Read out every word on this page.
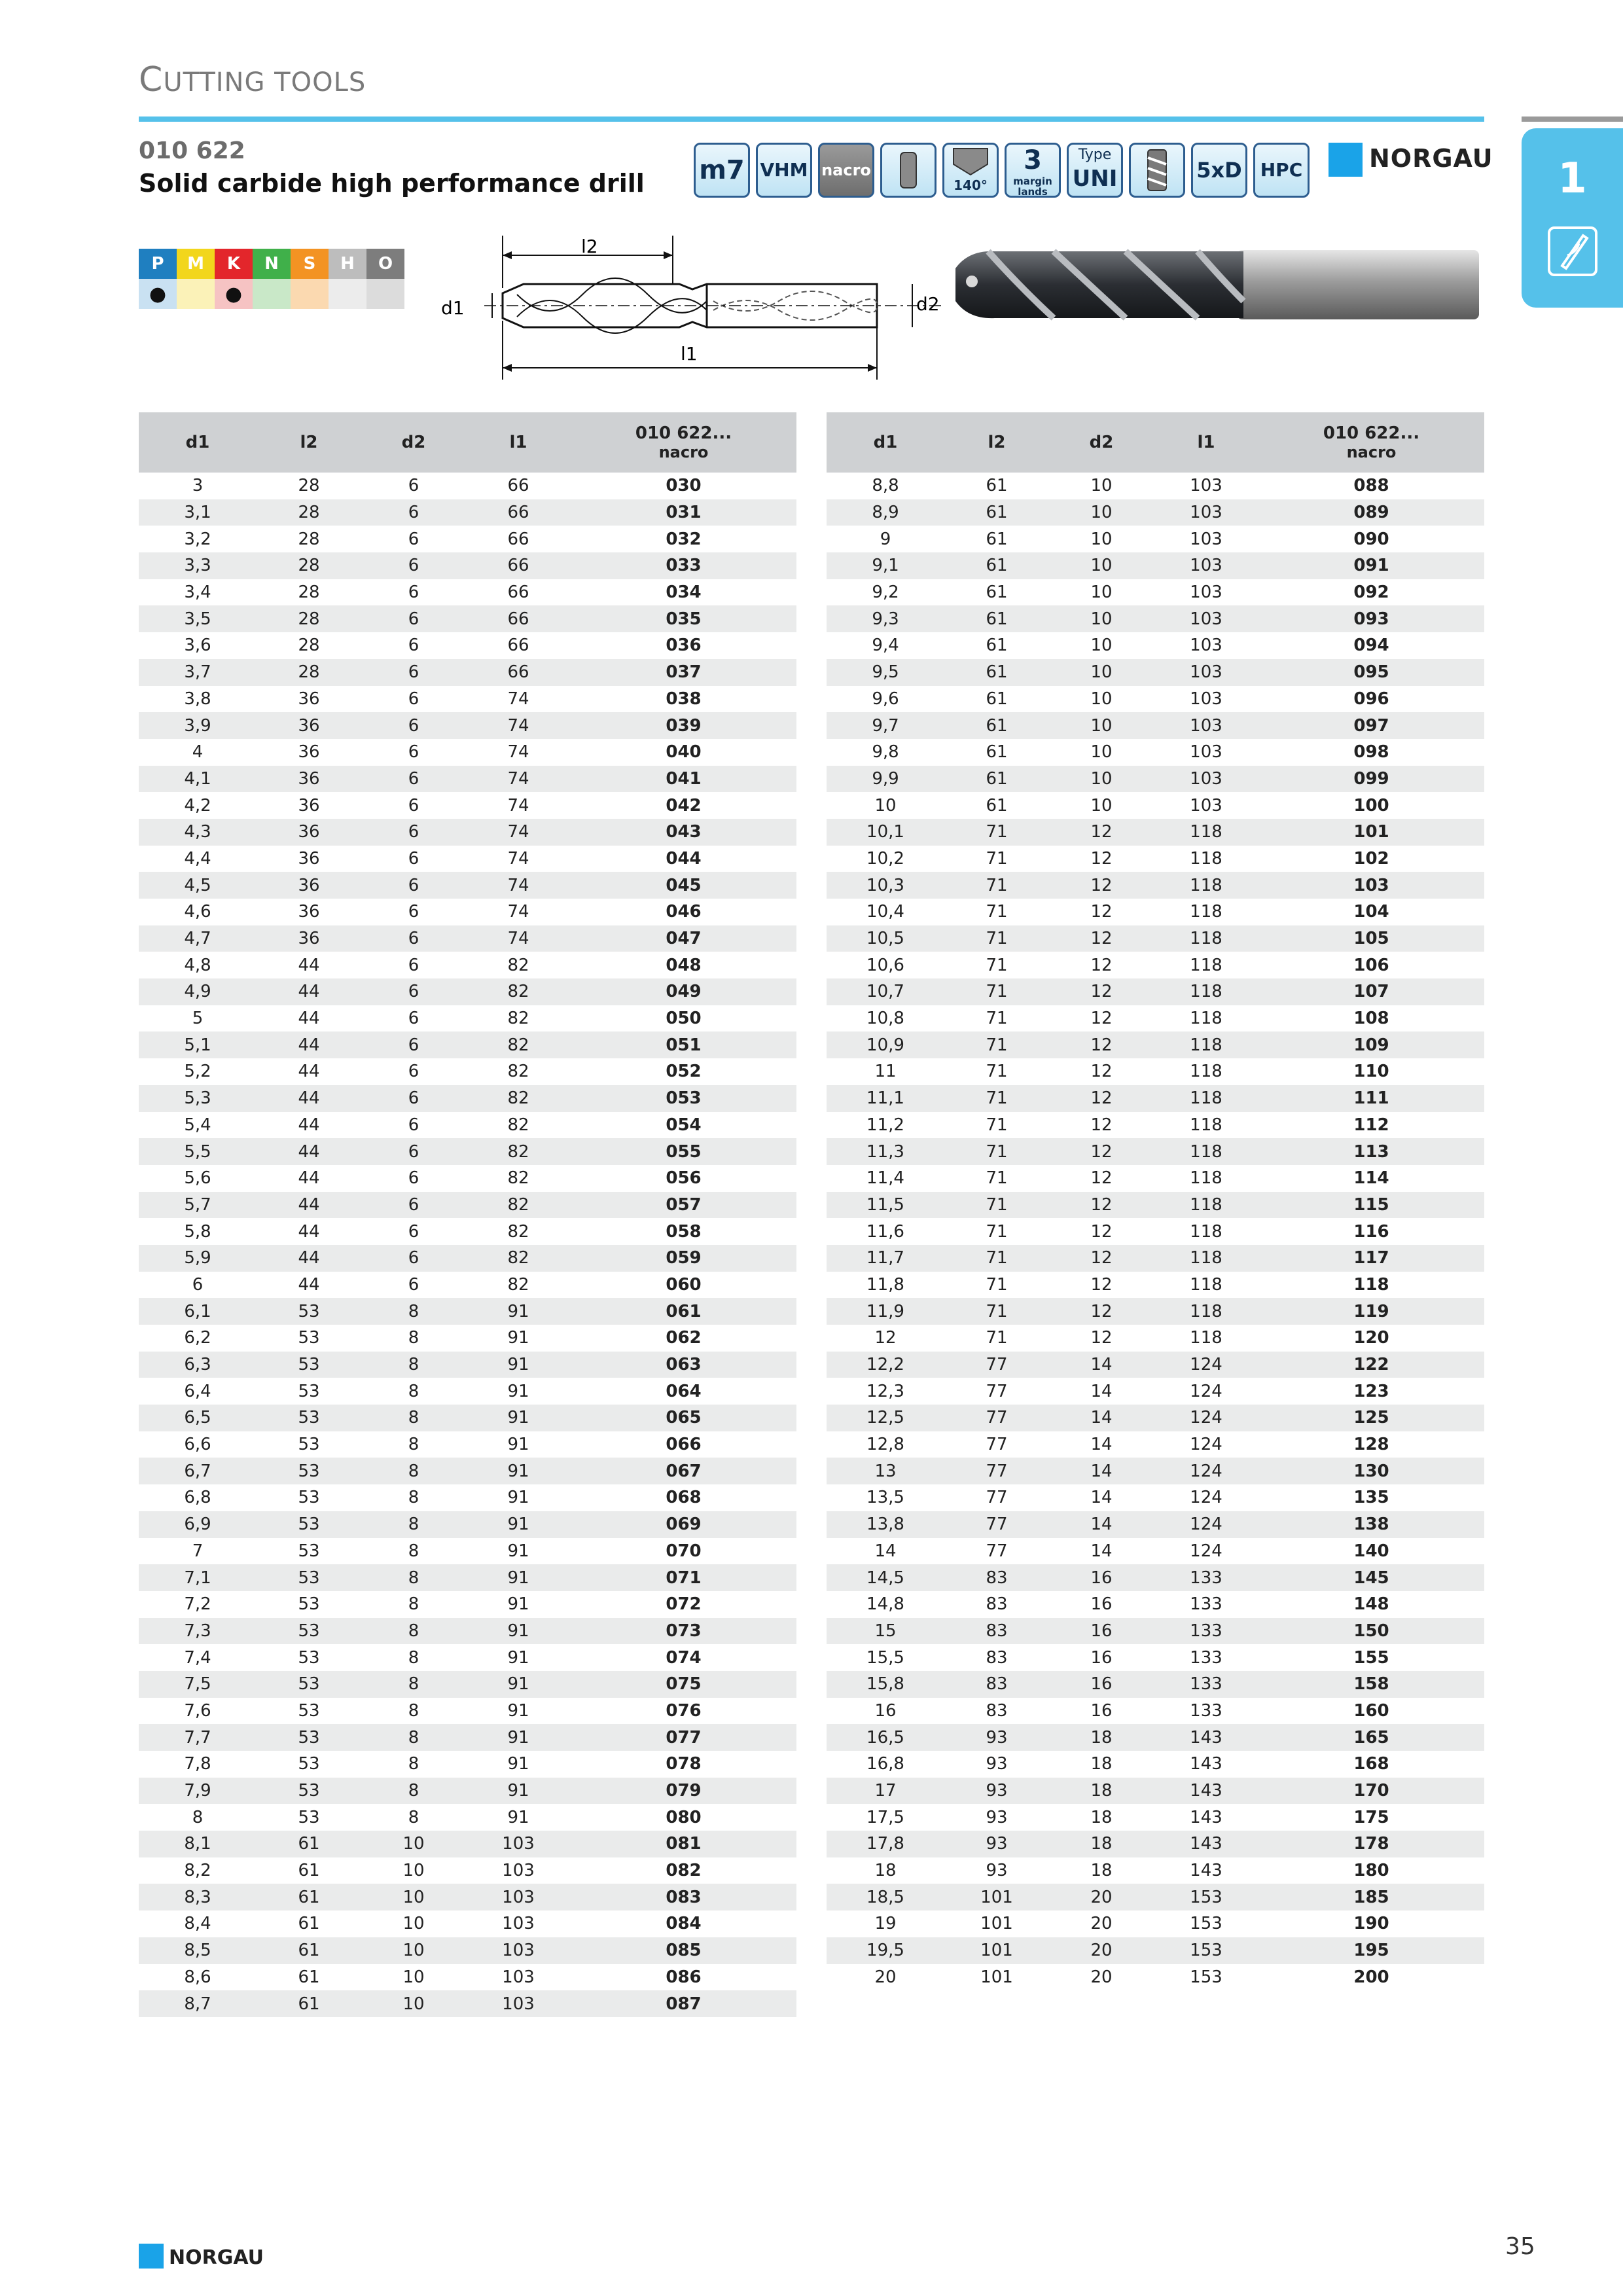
CUTTING TOOLS
1
010 622
Solid carbide high performance drill m7 VHM nacro
140°
3
margin lands
Type
UNI	5xD	HPC	NORGAU
P	M	K	N	S	H	O
●		●				
l2
d1	d2
l1
d1	l2	d2	l1	010 622...
nacro

3	28	6	66	030
3,1	28	6	66	031
3,2	28	6	66	032
3,3	28	6	66	033
3,4	28	6	66	034
3,5	28	6	66	035
3,6	28	6	66	036
3,7	28	6	66	037
3,8	36	6	74	038
3,9	36	6	74	039
4	36	6	74	040
4,1	36	6	74	041
4,2	36	6	74	042
4,3	36	6	74	043
4,4	36	6	74	044
4,5	36	6	74	045
4,6	36	6	74	046
4,7	36	6	74	047
4,8	44	6	82	048
4,9	44	6	82	049
5	44	6	82	050
5,1	44	6	82	051
5,2	44	6	82	052
5,3	44	6	82	053
5,4	44	6	82	054
5,5	44	6	82	055
5,6	44	6	82	056
5,7	44	6	82	057
5,8	44	6	82	058
5,9	44	6	82	059
6	44	6	82	060
6,1	53	8	91	061
6,2	53	8	91	062
6,3	53	8	91	063
6,4	53	8	91	064
6,5	53	8	91	065
6,6	53	8	91	066
6,7	53	8	91	067
6,8	53	8	91	068
6,9	53	8	91	069
7	53	8	91	070
7,1	53	8	91	071
7,2	53	8	91	072
7,3	53	8	91	073
7,4	53	8	91	074
7,5	53	8	91	075
7,6	53	8	91	076
7,7	53	8	91	077
7,8	53	8	91	078
7,9	53	8	91	079
8	53	8	91	080
8,1	61	10	103	081
8,2	61	10	103	082
8,3	61	10	103	083
8,4	61	10	103	084
8,5	61	10	103	085
8,6	61	10	103	086
8,7	61	10	103	087
d1	l2	d2	l1	010 622...
nacro

8,8	61	10	103	088
8,9	61	10	103	089
9	61	10	103	090
9,1	61	10	103	091
9,2	61	10	103	092
9,3	61	10	103	093
9,4	61	10	103	094
9,5	61	10	103	095
9,6	61	10	103	096
9,7	61	10	103	097
9,8	61	10	103	098
9,9	61	10	103	099
10	61	10	103	100
10,1	71	12	118	101
10,2	71	12	118	102
10,3	71	12	118	103
10,4	71	12	118	104
10,5	71	12	118	105
10,6	71	12	118	106
10,7	71	12	118	107
10,8	71	12	118	108
10,9	71	12	118	109
11	71	12	118	110
11,1	71	12	118	111
11,2	71	12	118	112
11,3	71	12	118	113
11,4	71	12	118	114
11,5	71	12	118	115
11,6	71	12	118	116
11,7	71	12	118	117
11,8	71	12	118	118
11,9	71	12	118	119
12	71	12	118	120
12,2	77	14	124	122
12,3	77	14	124	123
12,5	77	14	124	125
12,8	77	14	124	128
13	77	14	124	130
13,5	77	14	124	135
13,8	77	14	124	138
14	77	14	124	140
14,5	83	16	133	145
14,8	83	16	133	148
15	83	16	133	150
15,5	83	16	133	155
15,8	83	16	133	158
16	83	16	133	160
16,5	93	18	143	165
16,8	93	18	143	168
17	93	18	143	170
17,5	93	18	143	175
17,8	93	18	143	178
18	93	18	143	180
18,5	101	20	153	185
19	101	20	153	190
19,5	101	20	153	195
20	101	20	153	200
NORGAU	35
